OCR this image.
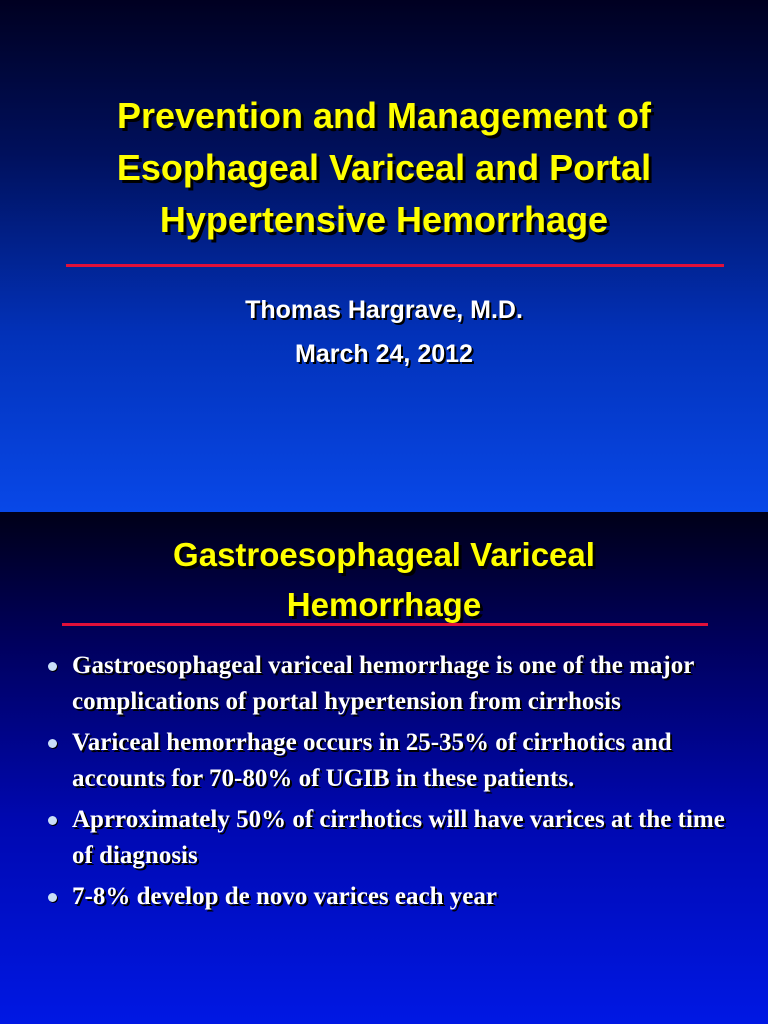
Prevention and Management of
Esophageal Variceal and Portal
Hypertensive Hemorrhage
Thomas Hargrave, M.D.
March 24, 2012
Gastroesophageal Variceal
Hemorrhage
Gastroesophageal variceal hemorrhage is one of the major complications of portal hypertension from cirrhosis
Variceal hemorrhage occurs in 25-35% of cirrhotics and accounts for 70-80% of UGIB in these patients.
Aprroximately 50% of cirrhotics will have varices at the time of diagnosis
7-8% develop de novo varices each year
